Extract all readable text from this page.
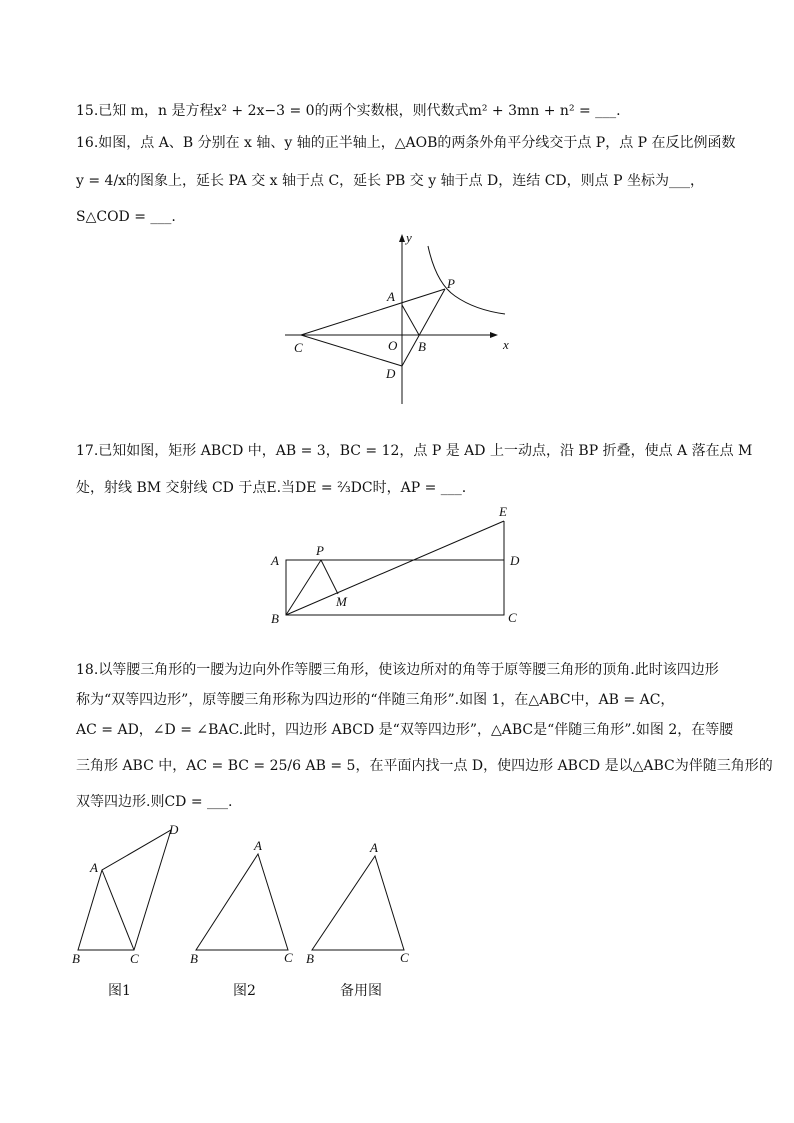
15.已知 m，n 是方程x² + 2x−3 = 0的两个实数根，则代数式m² + 3mn + n² = ___.
16.如图，点 A、B 分别在 x 轴、y 轴的正半轴上，△AOB的两条外角平分线交于点 P，点 P 在反比例函数
y = 4/x的图象上，延长 PA 交 x 轴于点 C，延长 PB 交 y 轴于点 D，连结 CD，则点 P 坐标为___，
S△COD = ___.
y
P
A
C	O B	x
D
17.已知如图，矩形 ABCD 中，AB = 3，BC = 12，点 P 是 AD 上一动点，沿 BP 折叠，使点 A 落在点 M
处，射线 BM 交射线 CD 于点E.当DE = ⅔DC时，AP = ___.
E
P
A	D
M
B	C
18.以等腰三角形的一腰为边向外作等腰三角形，使该边所对的角等于原等腰三角形的顶角.此时该四边形
称为“双等四边形”，原等腰三角形称为四边形的“伴随三角形”.如图 1，在△ABC中，AB = AC，
AC = AD，∠D = ∠BAC.此时，四边形 ABCD 是“双等四边形”，△ABC是“伴随三角形”.如图 2，在等腰
三角形 ABC 中，AC = BC = 25/6 AB = 5，在平面内找一点 D，使四边形 ABCD 是以△ABC为伴随三角形的
双等四边形.则CD = ___.
D
A
B	C
图1
A
B	C
图2
A
B	C
备用图
